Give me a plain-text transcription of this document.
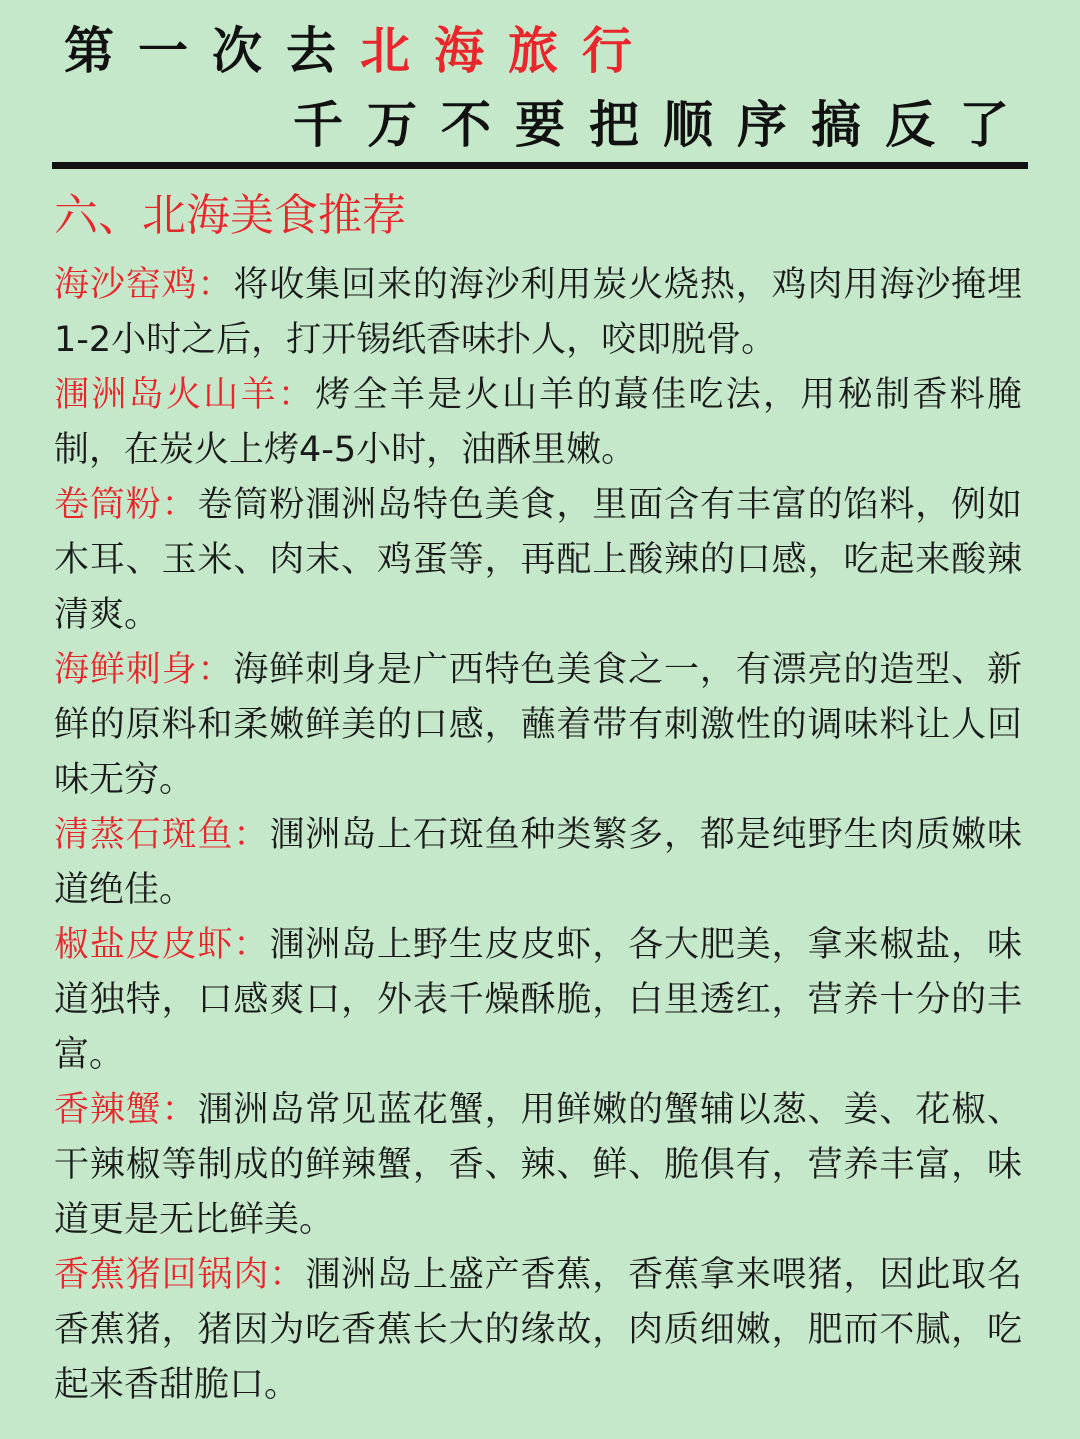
第一次去北海旅行
千万不要把顺序搞反了
六、北海美食推荐

海沙窑鸡：将收集回来的海沙利用炭火烧热，鸡肉用海沙掩埋1-2小时之后，打开锡纸香味扑人，咬即脱骨。

涠洲岛火山羊：烤全羊是火山羊的蕞佳吃法，用秘制香料腌制，在炭火上烤4-5小时，油酥里嫩。

卷筒粉：卷筒粉涠洲岛特色美食，里面含有丰富的馅料，例如木耳、玉米、肉末、鸡蛋等，再配上酸辣的口感，吃起来酸辣清爽。

海鲜刺身：海鲜刺身是广西特色美食之一，有漂亮的造型、新鲜的原料和柔嫩鲜美的口感，蘸着带有刺激性的调味料让人回味无穷。

清蒸石斑鱼：涠洲岛上石斑鱼种类繁多，都是纯野生肉质嫩味道绝佳。

椒盐皮皮虾：涠洲岛上野生皮皮虾，各大肥美，拿来椒盐，味道独特，口感爽口，外表千燥酥脆，白里透红，营养十分的丰富。

香辣蟹：涠洲岛常见蓝花蟹，用鲜嫩的蟹辅以葱、姜、花椒、干辣椒等制成的鲜辣蟹，香、辣、鲜、脆俱有，营养丰富，味道更是无比鲜美。

香蕉猪回锅肉：涠洲岛上盛产香蕉，香蕉拿来喂猪，因此取名香蕉猪，猪因为吃香蕉长大的缘故，肉质细嫩，肥而不腻，吃起来香甜脆口。
